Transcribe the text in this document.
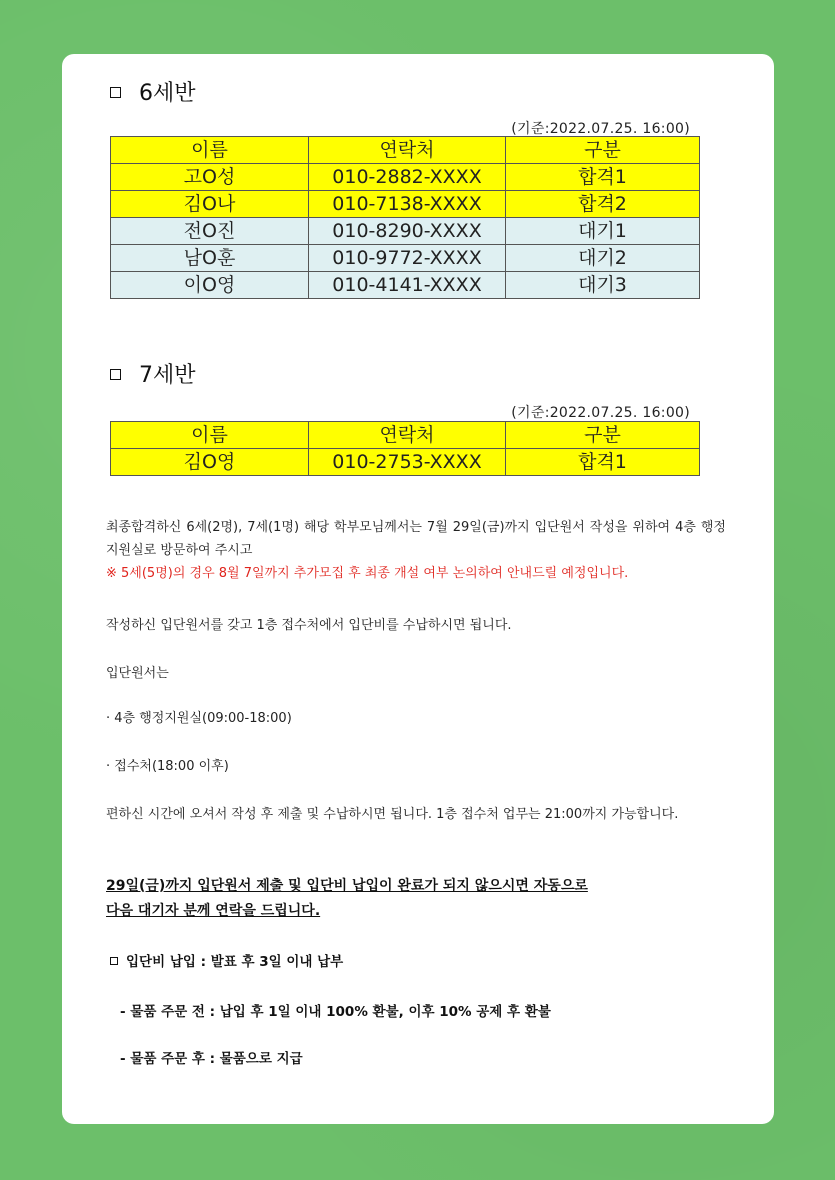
6세반
(기준:2022.07.25. 16:00)
이름	연락처	구분
고O성	010-2882-XXXX	합격1
김O나	010-7138-XXXX	합격2
전O진	010-8290-XXXX	대기1
남O훈	010-9772-XXXX	대기2
이O영	010-4141-XXXX	대기3
7세반
(기준:2022.07.25. 16:00)
이름	연락처	구분
김O영	010-2753-XXXX	합격1
최종합격하신 6세(2명), 7세(1명) 해당 학부모님께서는 7월 29일(금)까지 입단원서 작성을 위하여 4층 행정지원실로 방문하여 주시고
※ 5세(5명)의 경우 8월 7일까지 추가모집 후 최종 개설 여부 논의하여 안내드릴 예정입니다.
작성하신 입단원서를 갖고 1층 접수처에서 입단비를 수납하시면 됩니다.
입단원서는
· 4층 행정지원실(09:00-18:00)
· 접수처(18:00 이후)
편하신 시간에 오셔서 작성 후 제출 및 수납하시면 됩니다. 1층 접수처 업무는 21:00까지 가능합니다.
29일(금)까지 입단원서 제출 및 입단비 납입이 완료가 되지 않으시면 자동으로
다음 대기자 분께 연락을 드립니다.
입단비 납입 : 발표 후 3일 이내 납부
- 물품 주문 전 : 납입 후 1일 이내 100% 환불, 이후 10% 공제 후 환불
- 물품 주문 후 : 물품으로 지급
